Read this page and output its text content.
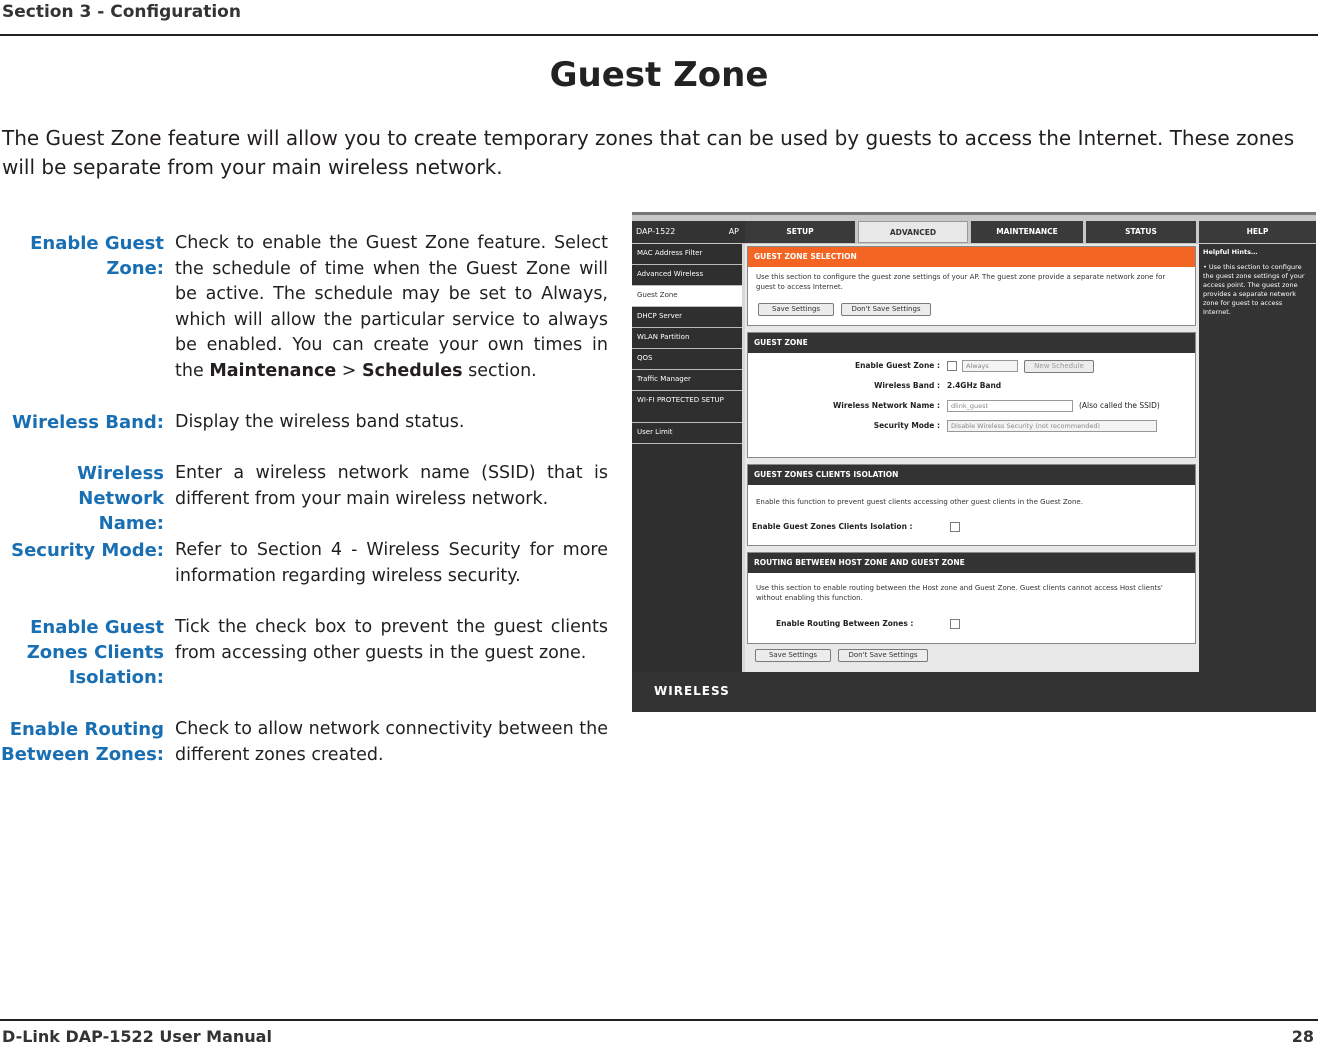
Section 3 - Configuration
Guest Zone
The Guest Zone feature will allow you to create temporary zones that can be used by guests to access the Internet. These zones will be separate from your main wireless network.
Enable Guest
Zone:
Check to enable the Guest Zone feature. Select the schedule of time when the Guest Zone will be active. The schedule may be set to Always, which will allow the particular service to always be enabled. You can create your own times in the Maintenance > Schedules section.
Wireless Band: Display the wireless band status.
Wireless Network
Name:
Enter a wireless network name (SSID) that is different from your main wireless network.
Security Mode: Refer to Section 4 - Wireless Security for more information regarding wireless security.
Enable Guest
Zones Clients
Isolation:
Tick the check box to prevent the guest clients from accessing other guests in the guest zone.
Enable Routing
Between Zones:
Check to allow network connectivity between the different zones created.
DAP-1522	AP	SETUP	ADVANCED	MAINTENANCE	STATUS	HELP
MAC Address Filter
Advanced Wireless
Guest Zone
DHCP Server
WLAN Partition
QOS
Traffic Manager
WI-FI PROTECTED SETUP
User Limit
GUEST ZONE SELECTION
Use this section to configure the guest zone settings of your AP. The guest zone provide a separate network zone for guest to access Internet.
Save Settings	Don't Save Settings
GUEST ZONE
Enable Guest Zone :	Always	New Schedule
Wireless Band : 2.4GHz Band
Wireless Network Name :	dlink_guest	(Also called the SSID)
Security Mode :	Disable Wireless Security (not recommended)
GUEST ZONES CLIENTS ISOLATION
Enable this function to prevent guest clients accessing other guest clients in the Guest Zone.
Enable Guest Zones Clients Isolation :
ROUTING BETWEEN HOST ZONE AND GUEST ZONE
Use this section to enable routing between the Host zone and Guest Zone. Guest clients cannot access Host clients' without enabling this function.
Enable Routing Between Zones :
Save Settings	Don't Save Settings
Helpful Hints…
• Use this section to configure the guest zone settings of your access point. The guest zone provides a separate network zone for guest to access Internet.
WIRELESS
D-Link DAP-1522 User Manual	28
